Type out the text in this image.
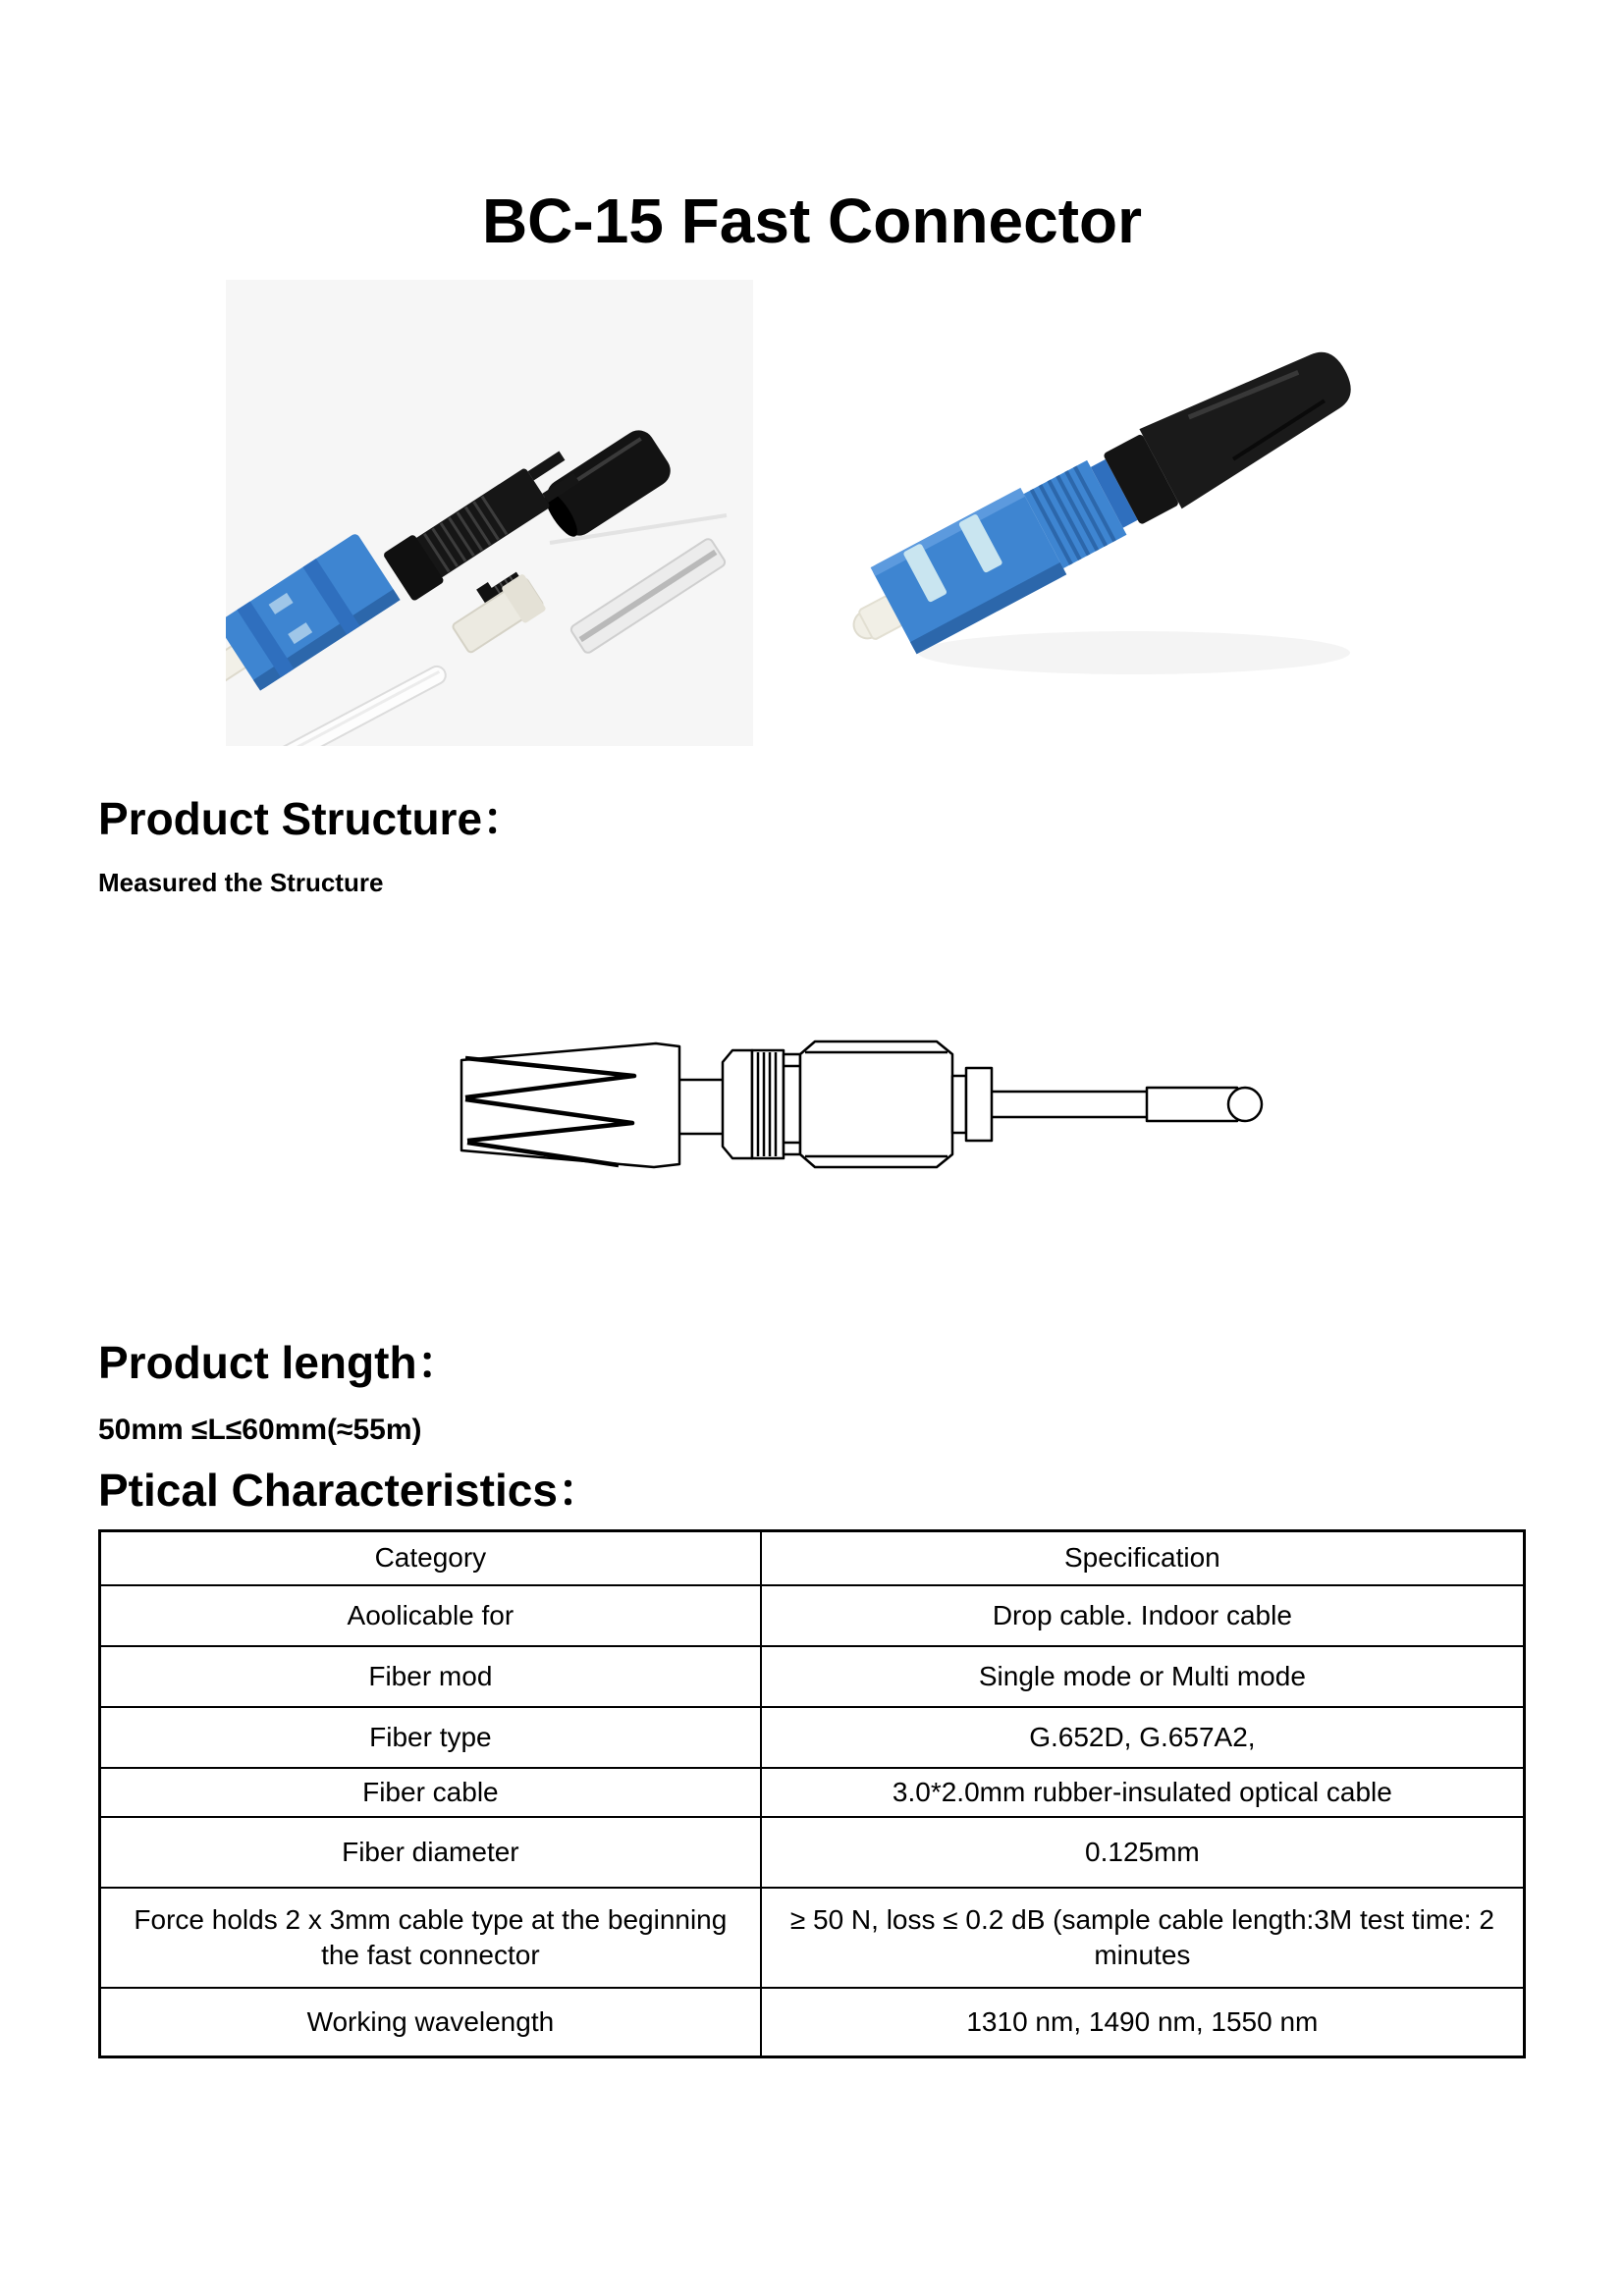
BC-15 Fast Connector
Product Structure：
Measured the Structure
Product length：
50mm ≤L≤60mm(≈55m)
Ptical Characteristics：
Category	Specification
Aoolicable for	Drop cable. Indoor cable
Fiber mod	Single mode or Multi mode
Fiber type	G.652D, G.657A2,
Fiber cable	3.0*2.0mm rubber-insulated optical cable
Fiber diameter	0.125mm
Force holds 2 x 3mm cable type at the beginning the fast connector	≥ 50 N, loss ≤ 0.2 dB (sample cable length:3M test time: 2 minutes
Working wavelength	1310 nm, 1490 nm, 1550 nm
